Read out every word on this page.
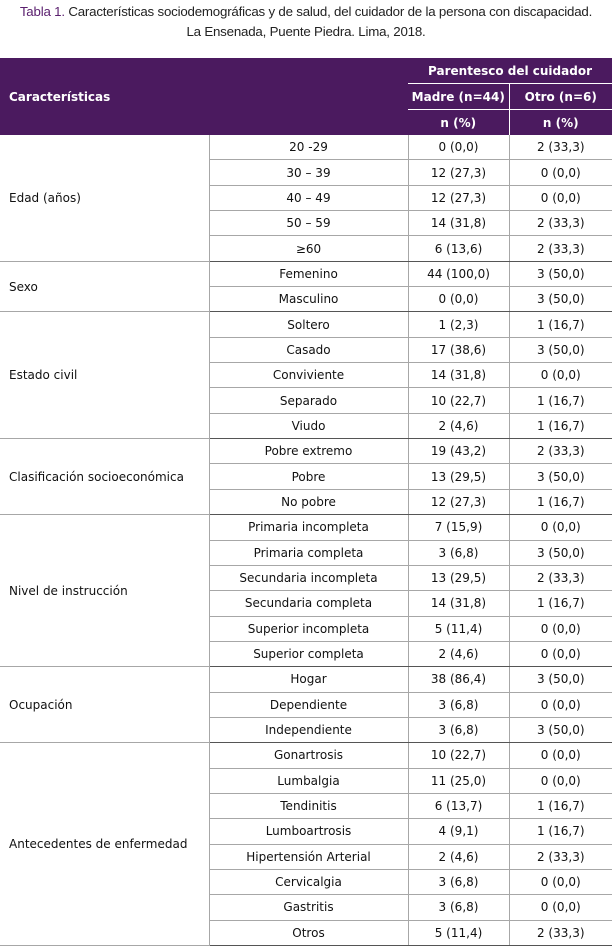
Tabla 1. Características sociodemográficas y de salud, del cuidador de la persona con discapacidad.
La Ensenada, Puente Piedra. Lima, 2018.
Características		Parentesco del cuidador	
		Madre (n=44)	Otro (n=6)
		n (%)	n (%)
Edad (años)	20 -29	0 (0,0)	2 (33,3)
	30 – 39	12 (27,3)	0 (0,0)
	40 – 49	12 (27,3)	0 (0,0)
	50 – 59	14 (31,8)	2 (33,3)
	≥60	6 (13,6)	2 (33,3)
Sexo	Femenino	44 (100,0)	3 (50,0)
	Masculino	0 (0,0)	3 (50,0)
Estado civil	Soltero	1 (2,3)	1 (16,7)
	Casado	17 (38,6)	3 (50,0)
	Conviviente	14 (31,8)	0 (0,0)
	Separado	10 (22,7)	1 (16,7)
	Viudo	2 (4,6)	1 (16,7)
Clasificación socioeconómica	Pobre extremo	19 (43,2)	2 (33,3)
	Pobre	13 (29,5)	3 (50,0)
	No pobre	12 (27,3)	1 (16,7)
Nivel de instrucción	Primaria incompleta	7 (15,9)	0 (0,0)
	Primaria completa	3 (6,8)	3 (50,0)
	Secundaria incompleta	13 (29,5)	2 (33,3)
	Secundaria completa	14 (31,8)	1 (16,7)
	Superior incompleta	5 (11,4)	0 (0,0)
	Superior completa	2 (4,6)	0 (0,0)
Ocupación	Hogar	38 (86,4)	3 (50,0)
	Dependiente	3 (6,8)	0 (0,0)
	Independiente	3 (6,8)	3 (50,0)
Antecedentes de enfermedad	Gonartrosis	10 (22,7)	0 (0,0)
	Lumbalgia	11 (25,0)	0 (0,0)
	Tendinitis	6 (13,7)	1 (16,7)
	Lumboartrosis	4 (9,1)	1 (16,7)
	Hipertensión Arterial	2 (4,6)	2 (33,3)
	Cervicalgia	3 (6,8)	0 (0,0)
	Gastritis	3 (6,8)	0 (0,0)
	Otros	5 (11,4)	2 (33,3)
